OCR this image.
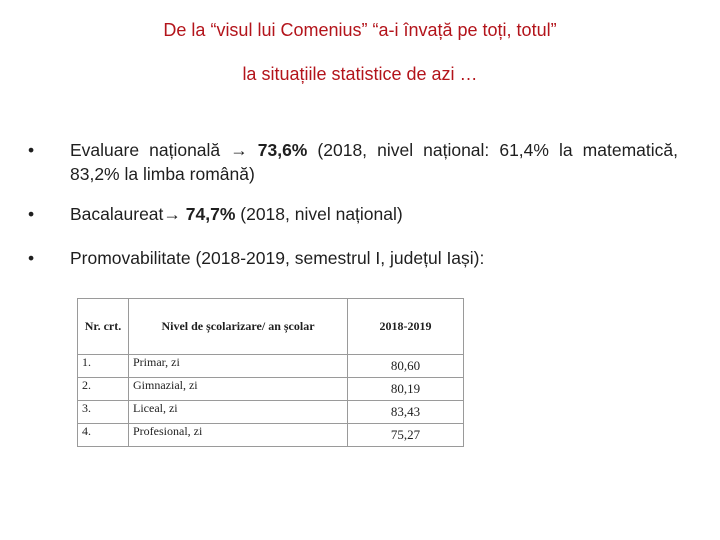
De la “visul lui Comenius” “a-i învață pe toți, totul”
la situațiile statistice de azi …
•	Evaluare națională → 73,6% (2018, nivel național: 61,4% la matematică, 83,2% la limba română)
•	Bacalaureat→ 74,7% (2018, nivel național)
•	Promovabilitate (2018-2019, semestrul I, județul Iași):
Nr. crt.	Nivel de școlarizare/ an școlar	2018-2019
1.	Primar, zi	80,60
2.	Gimnazial, zi	80,19
3.	Liceal, zi	83,43
4.	Profesional, zi	75,27
